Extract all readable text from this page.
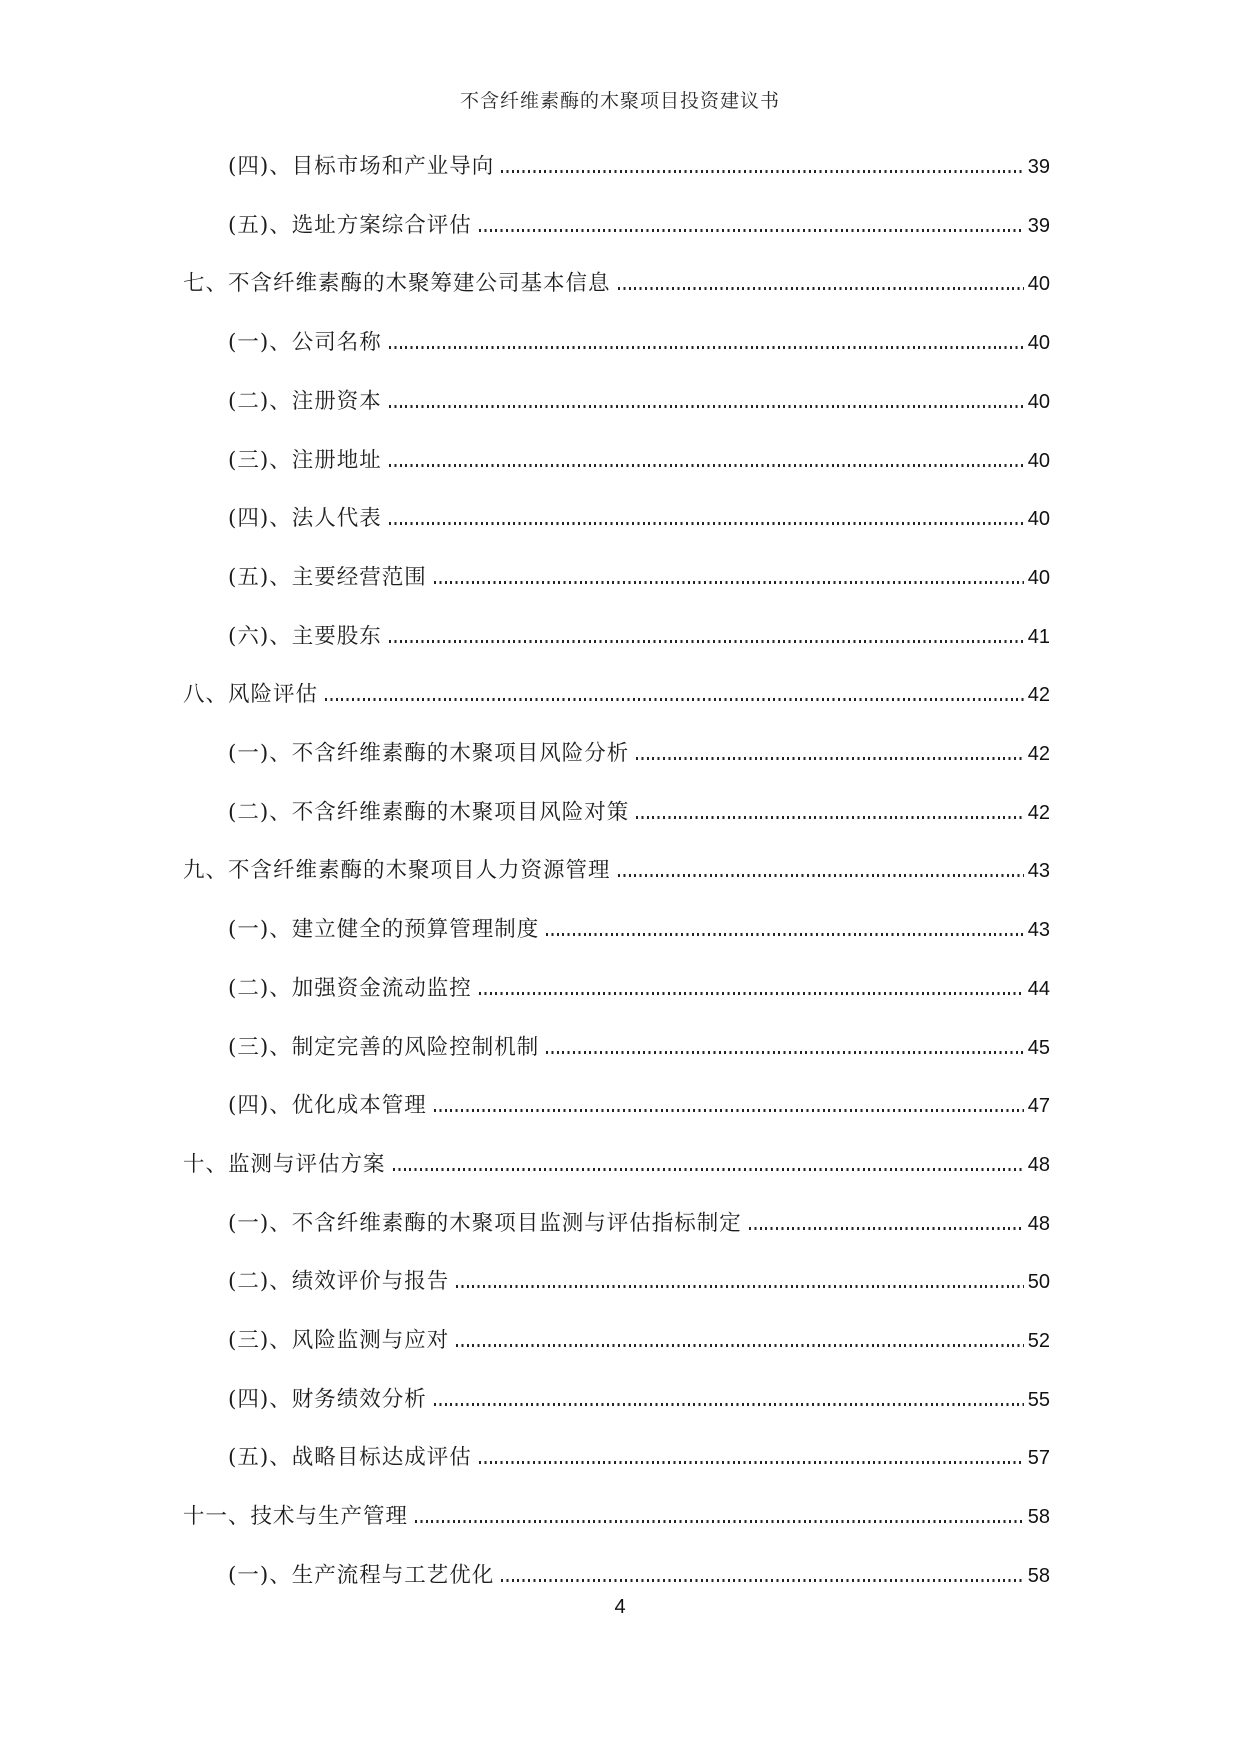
不含纤维素酶的木聚项目投资建议书
(四)、目标市场和产业导向	39
(五)、选址方案综合评估	39
七、不含纤维素酶的木聚筹建公司基本信息	40
(一)、公司名称	40
(二)、注册资本	40
(三)、注册地址	40
(四)、法人代表	40
(五)、主要经营范围	40
(六)、主要股东	41
八、风险评估	42
(一)、不含纤维素酶的木聚项目风险分析	42
(二)、不含纤维素酶的木聚项目风险对策	42
九、不含纤维素酶的木聚项目人力资源管理	43
(一)、建立健全的预算管理制度	43
(二)、加强资金流动监控	44
(三)、制定完善的风险控制机制	45
(四)、优化成本管理	47
十、监测与评估方案	48
(一)、不含纤维素酶的木聚项目监测与评估指标制定	48
(二)、绩效评价与报告	50
(三)、风险监测与应对	52
(四)、财务绩效分析	55
(五)、战略目标达成评估	57
十一、技术与生产管理	58
(一)、生产流程与工艺优化	58
4
